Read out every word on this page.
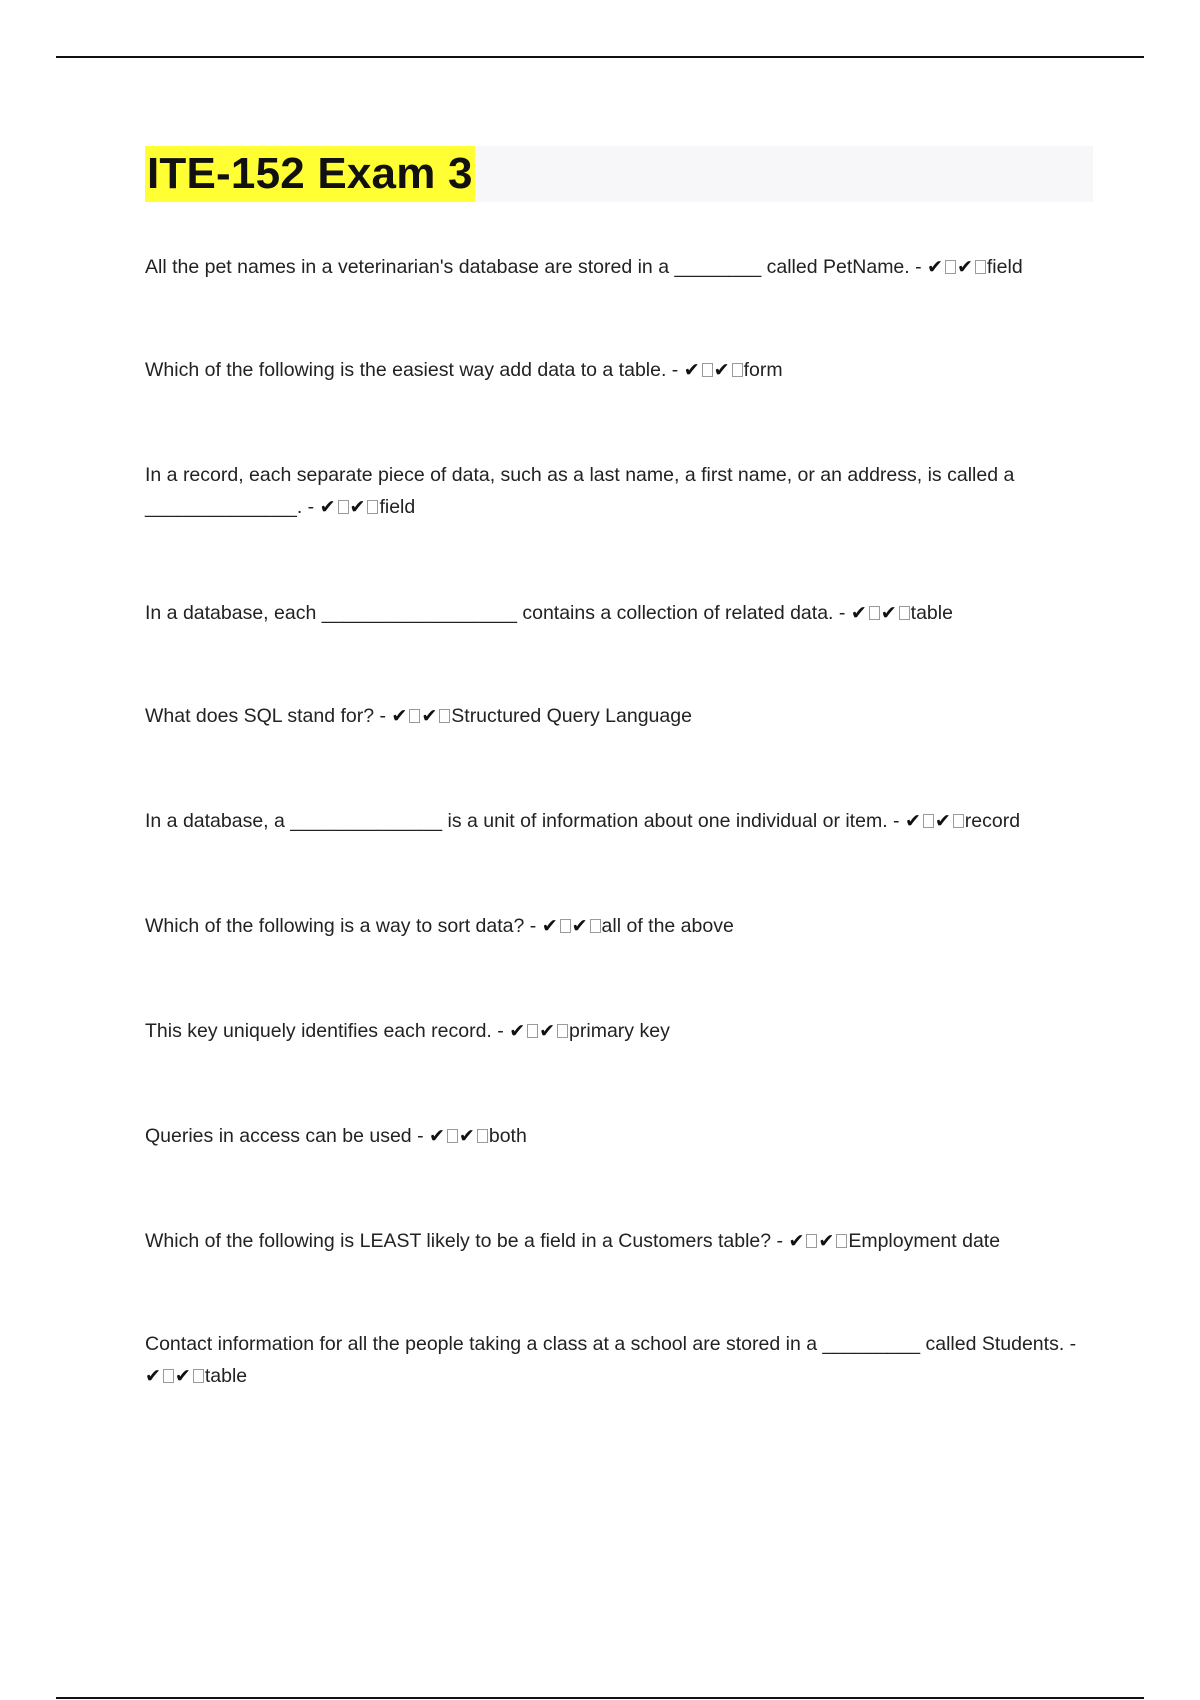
ITE-152 Exam 3

All the pet names in a veterinarian's database are stored in a ________ called PetName. - ✔ ✔ field

Which of the following is the easiest way add data to a table. - ✔ ✔ form

In a record, each separate piece of data, such as a last name, a first name, or an address, is called a ______________. - ✔ ✔ field

In a database, each __________________ contains a collection of related data. - ✔ ✔ table

What does SQL stand for? - ✔ ✔ Structured Query Language

In a database, a ______________ is a unit of information about one individual or item. - ✔ ✔ record

Which of the following is a way to sort data? - ✔ ✔ all of the above

This key uniquely identifies each record. - ✔ ✔ primary key

Queries in access can be used - ✔ ✔ both

Which of the following is LEAST likely to be a field in a Customers table? - ✔ ✔ Employment date

Contact information for all the people taking a class at a school are stored in a _________ called Students. - ✔ ✔ table
